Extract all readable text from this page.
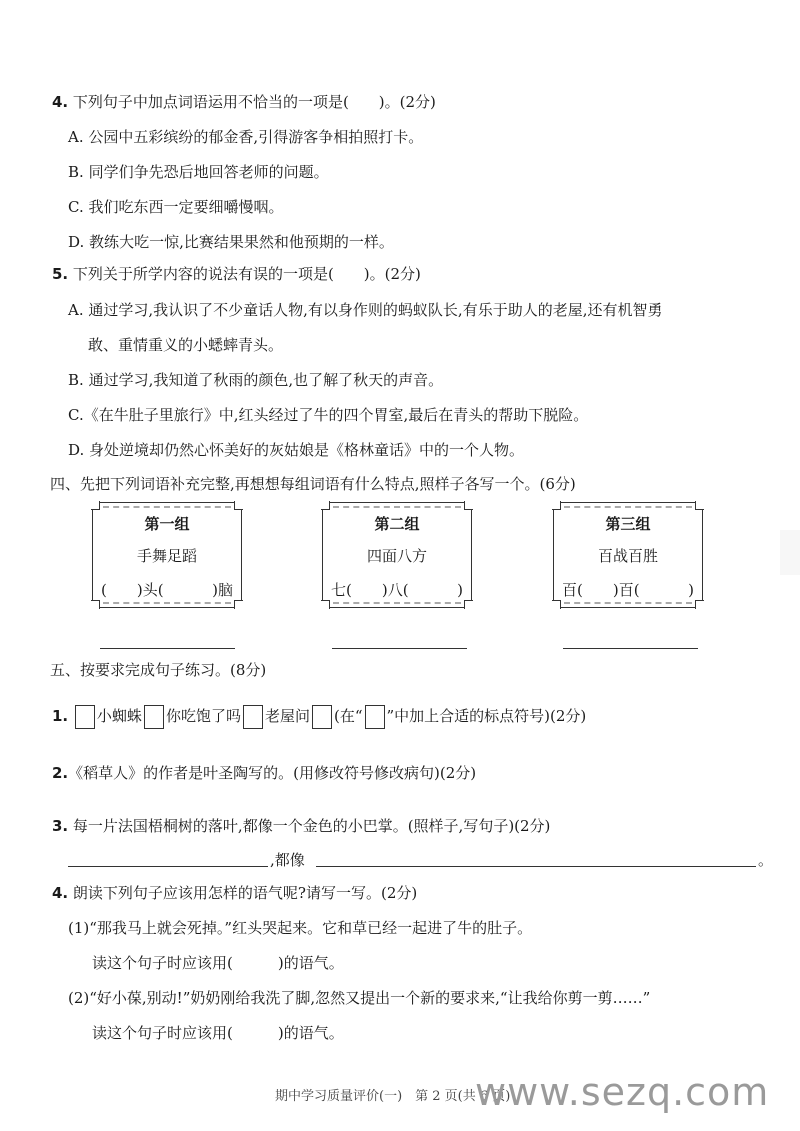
4. 下列句子中加点词语运用不恰当的一项是(　　)。(2分)
A. 公园中五彩缤纷的郁金香,引得游客争相拍照打卡。
B. 同学们争先恐后地回答老师的问题。
C. 我们吃东西一定要细嚼慢咽。
D. 教练大吃一惊,比赛结果果然和他预期的一样。
5. 下列关于所学内容的说法有误的一项是(　　)。(2分)
A. 通过学习,我认识了不少童话人物,有以身作则的蚂蚁队长,有乐于助人的老屋,还有机智勇
敢、重情重义的小蟋蟀青头。
B. 通过学习,我知道了秋雨的颜色,也了解了秋天的声音。
C.《在牛肚子里旅行》中,红头经过了牛的四个胃室,最后在青头的帮助下脱险。
D. 身处逆境却仍然心怀美好的灰姑娘是《格林童话》中的一个人物。
四、先把下列词语补充完整,再想想每组词语有什么特点,照样子各写一个。(6分)
第一组
手舞足蹈
(　　)头( 　　)脑
第二组
四面八方
七(　　)八( 　　)
第三组
百战百胜
百(　　)百( 　　)
五、按要求完成句子练习。(8分)
1. 小蜘蛛 你吃饱了吗 老屋问 (在“ ”中加上合适的标点符号)(2分)
2.《稻草人》的作者是叶圣陶写的。(用修改符号修改病句)(2分)
3. 每一片法国梧桐树的落叶,都像一个金色的小巴掌。(照样子,写句子)(2分)
,都像	。
4. 朗读下列句子应该用怎样的语气呢?请写一写。(2分)
(1)“那我马上就会死掉。”红头哭起来。它和草已经一起进了牛的肚子。
读这个句子时应该用(　　　)的语气。
(2)“好小葆,别动!”奶奶刚给我洗了脚,忽然又提出一个新的要求来,“让我给你剪一剪……”
读这个句子时应该用(　　　)的语气。
期中学习质量评价(一)　第 2 页(共 6 页)
www.sezq.com
